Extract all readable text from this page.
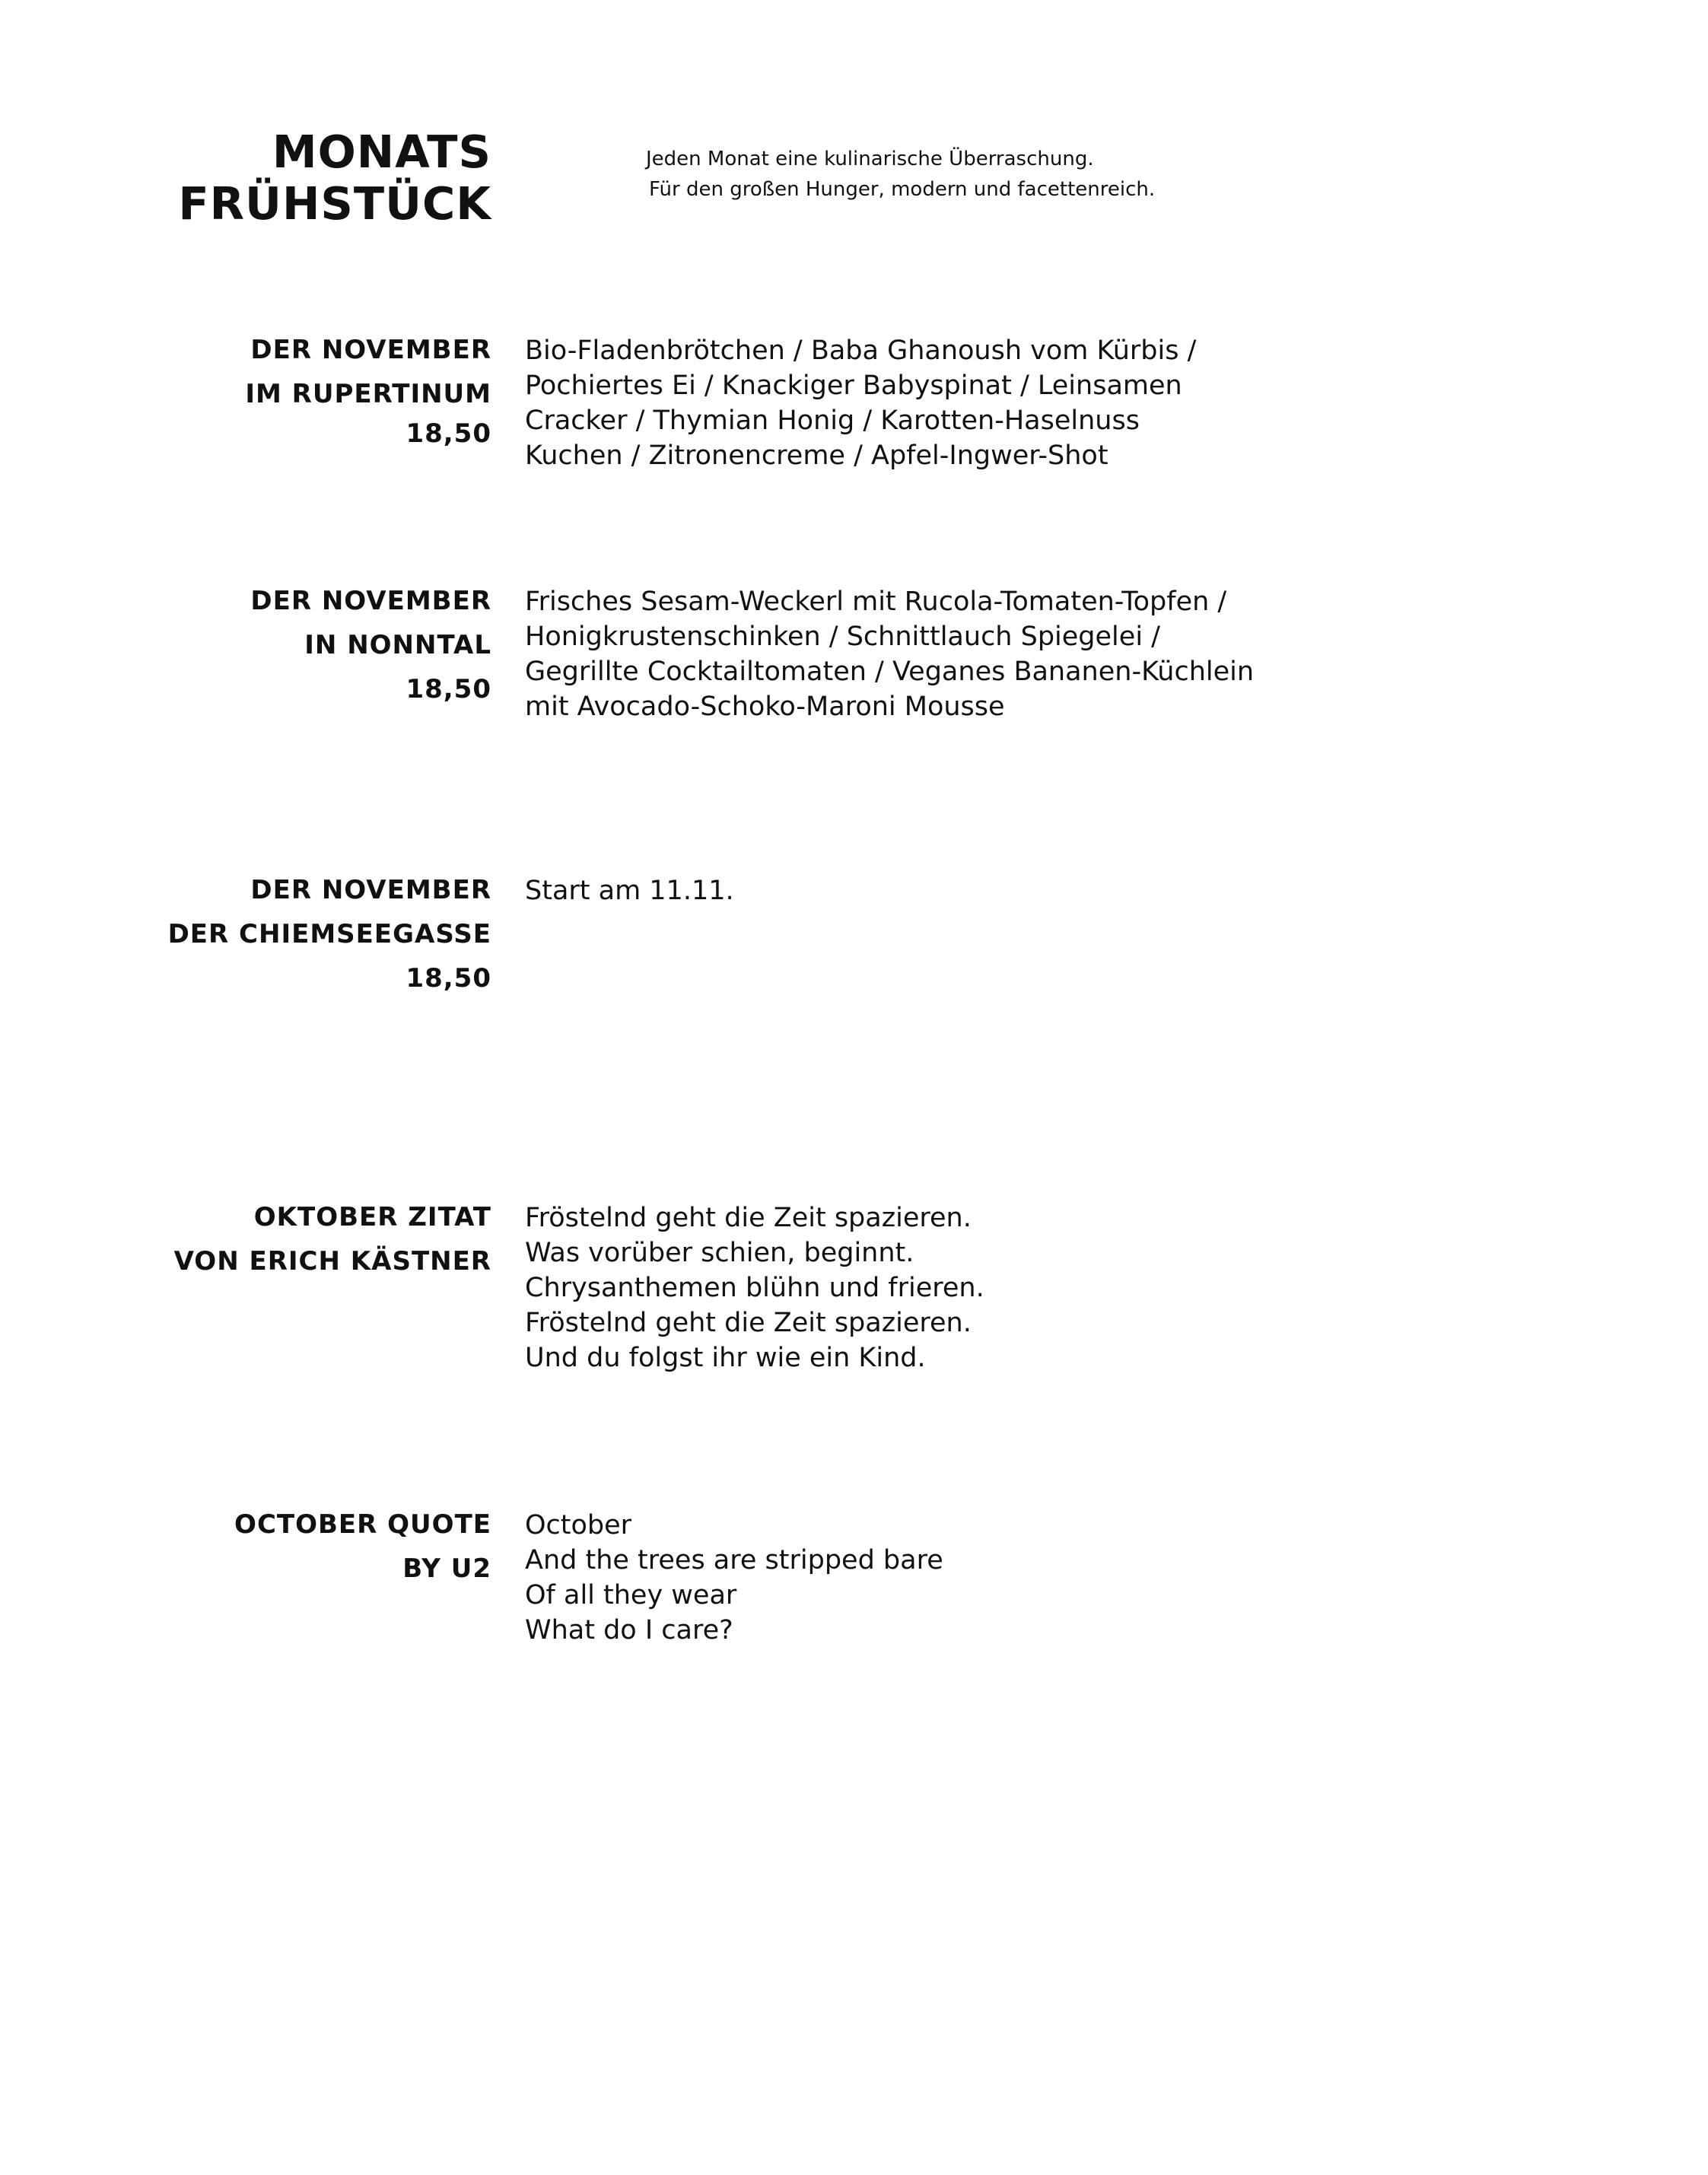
MONATS
FRÜHSTÜCK
Jeden Monat eine kulinarische Überraschung.
Für den großen Hunger, modern und facettenreich.
DER NOVEMBER
IM RUPERTINUM
18,50
Bio-Fladenbrötchen / Baba Ghanoush vom Kürbis /
Pochiertes Ei / Knackiger Babyspinat / Leinsamen
Cracker / Thymian Honig / Karotten-Haselnuss
Kuchen / Zitronencreme / Apfel-Ingwer-Shot
DER NOVEMBER
IN NONNTAL
18,50
Frisches Sesam-Weckerl mit Rucola-Tomaten-Topfen /
Honigkrustenschinken / Schnittlauch Spiegelei /
Gegrillte Cocktailtomaten / Veganes Bananen-Küchlein
mit Avocado-Schoko-Maroni Mousse
DER NOVEMBER
DER CHIEMSEEGASSE
18,50
Start am 11.11.
OKTOBER ZITAT
VON ERICH KÄSTNER
Fröstelnd geht die Zeit spazieren.
Was vorüber schien, beginnt.
Chrysanthemen blühn und frieren.
Fröstelnd geht die Zeit spazieren.
Und du folgst ihr wie ein Kind.
OCTOBER QUOTE
BY U2
October
And the trees are stripped bare
Of all they wear
What do I care?
